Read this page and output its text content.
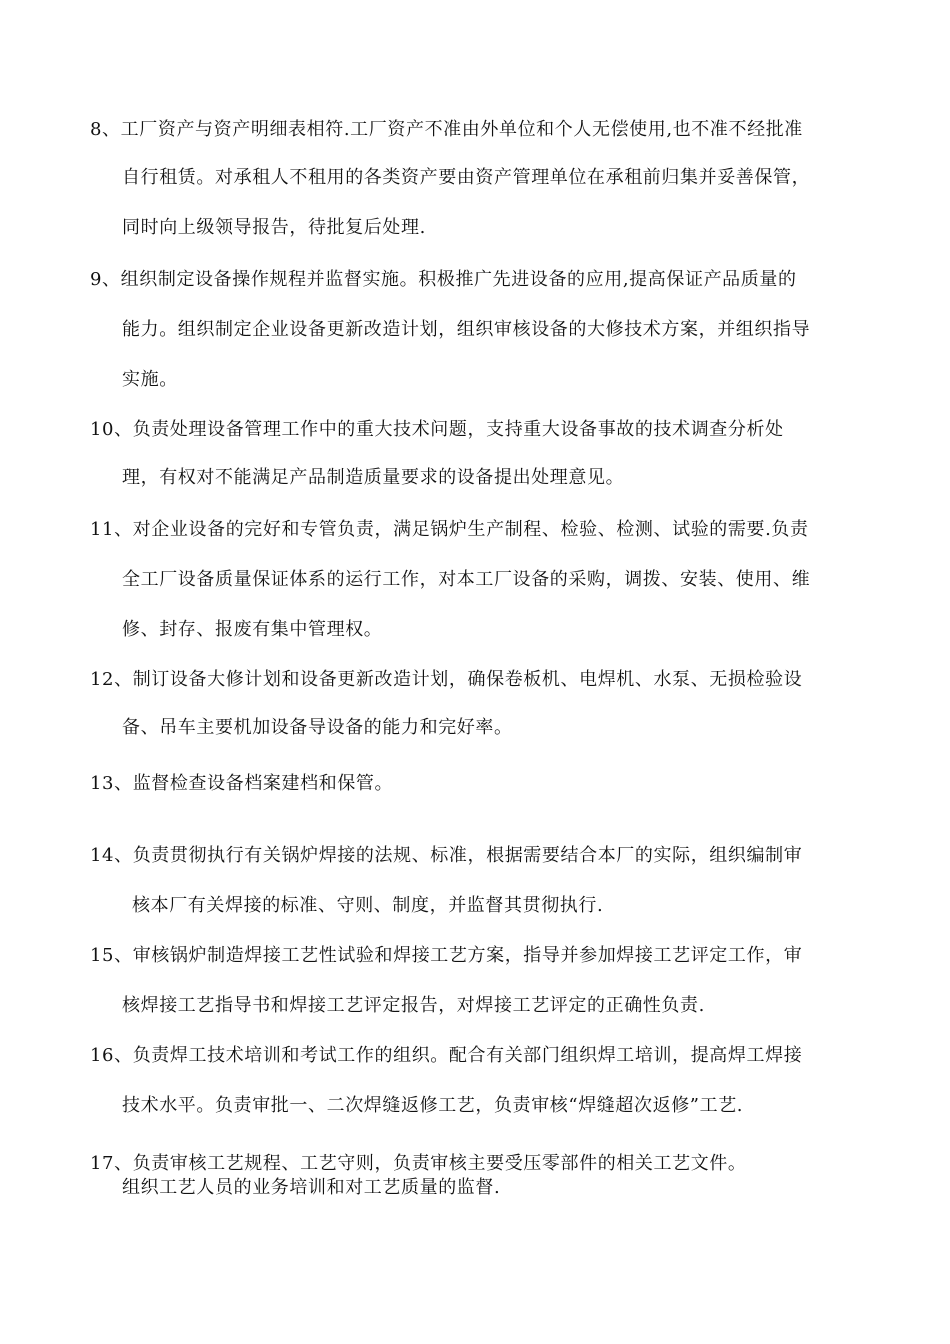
8、工厂资产与资产明细表相符.工厂资产不准由外单位和个人无偿使用,也不准不经批准
自行租赁。对承租人不租用的各类资产要由资产管理单位在承租前归集并妥善保管，
同时向上级领导报告，待批复后处理.
9、组织制定设备操作规程并监督实施。积极推广先进设备的应用,提高保证产品质量的
能力。组织制定企业设备更新改造计划，组织审核设备的大修技术方案，并组织指导
实施。
10、负责处理设备管理工作中的重大技术问题，支持重大设备事故的技术调查分析处
理，有权对不能满足产品制造质量要求的设备提出处理意见。
11、对企业设备的完好和专管负责，满足锅炉生产制程、检验、检测、试验的需要.负责
全工厂设备质量保证体系的运行工作，对本工厂设备的采购，调拨、安装、使用、维
修、封存、报废有集中管理权。
12、制订设备大修计划和设备更新改造计划，确保卷板机、电焊机、水泵、无损检验设
备、吊车主要机加设备导设备的能力和完好率。
13、监督检查设备档案建档和保管。
14、负责贯彻执行有关锅炉焊接的法规、标准，根据需要结合本厂的实际，组织编制审
核本厂有关焊接的标准、守则、制度，并监督其贯彻执行.
15、审核锅炉制造焊接工艺性试验和焊接工艺方案，指导并参加焊接工艺评定工作，审
核焊接工艺指导书和焊接工艺评定报告，对焊接工艺评定的正确性负责.
16、负责焊工技术培训和考试工作的组织。配合有关部门组织焊工培训，提高焊工焊接
技术水平。负责审批一、二次焊缝返修工艺，负责审核“焊缝超次返修”工艺.
17、负责审核工艺规程、工艺守则，负责审核主要受压零部件的相关工艺文件。
组织工艺人员的业务培训和对工艺质量的监督.
